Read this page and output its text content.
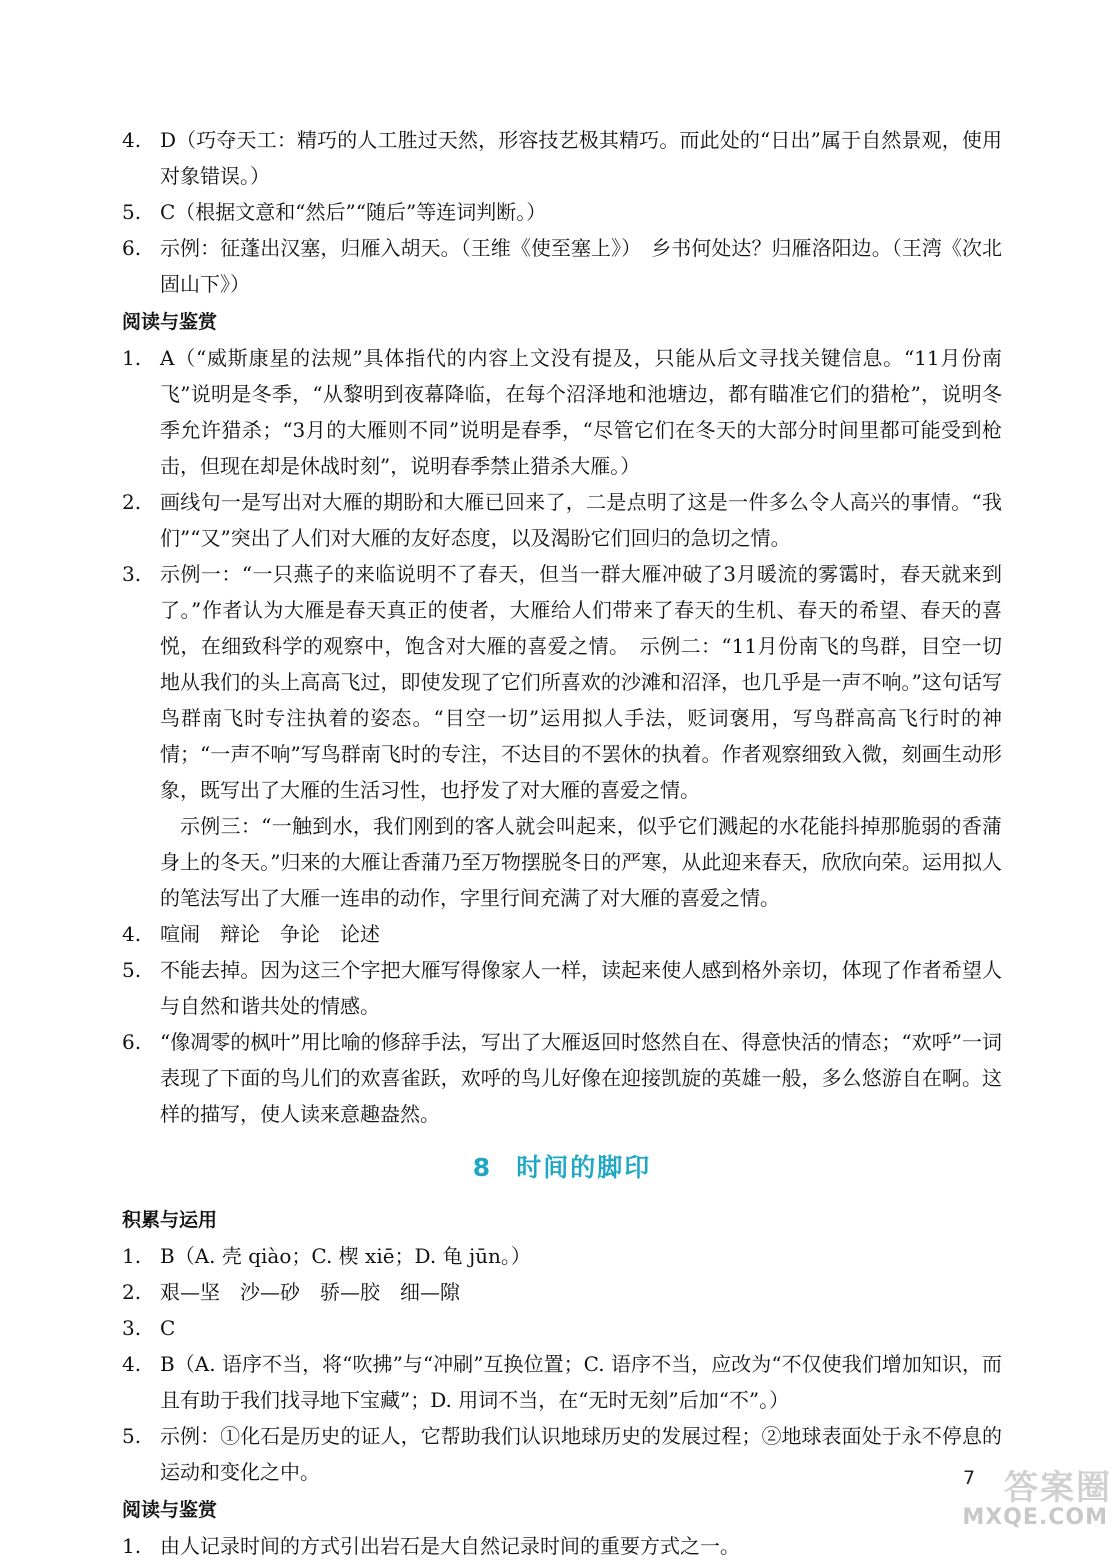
4. D（巧夺天工：精巧的人工胜过天然，形容技艺极其精巧。而此处的“日出”属于自然景观，使用对象错误。）
5. C（根据文意和“然后”“随后”等连词判断。）
6. 示例：征蓬出汉塞，归雁入胡天。（王维《使至塞上》）　乡书何处达？归雁洛阳边。（王湾《次北固山下》）
阅读与鉴赏
1. A（“威斯康星的法规”具体指代的内容上文没有提及，只能从后文寻找关键信息。“11月份南飞”说明是冬季，“从黎明到夜幕降临，在每个沼泽地和池塘边，都有瞄准它们的猎枪”，说明冬季允许猎杀；“3月的大雁则不同”说明是春季，“尽管它们在冬天的大部分时间里都可能受到枪击，但现在却是休战时刻”，说明春季禁止猎杀大雁。）
2. 画线句一是写出对大雁的期盼和大雁已回来了，二是点明了这是一件多么令人高兴的事情。“我们”“又”突出了人们对大雁的友好态度，以及渴盼它们回归的急切之情。
3. 示例一：“一只燕子的来临说明不了春天，但当一群大雁冲破了3月暖流的雾霭时，春天就来到了。”作者认为大雁是春天真正的使者，大雁给人们带来了春天的生机、春天的希望、春天的喜悦，在细致科学的观察中，饱含对大雁的喜爱之情。　示例二：“11月份南飞的鸟群，目空一切地从我们的头上高高飞过，即使发现了它们所喜欢的沙滩和沼泽，也几乎是一声不响。”这句话写鸟群南飞时专注执着的姿态。“目空一切”运用拟人手法，贬词褒用，写鸟群高高飞行时的神情；“一声不响”写鸟群南飞时的专注，不达目的不罢休的执着。作者观察细致入微，刻画生动形象，既写出了大雁的生活习性，也抒发了对大雁的喜爱之情。

示例三：“一触到水，我们刚到的客人就会叫起来，似乎它们溅起的水花能抖掉那脆弱的香蒲身上的冬天。”归来的大雁让香蒲乃至万物摆脱冬日的严寒，从此迎来春天，欣欣向荣。运用拟人的笔法写出了大雁一连串的动作，字里行间充满了对大雁的喜爱之情。

4. 喧闹　辩论　争论　论述
5. 不能去掉。因为这三个字把大雁写得像家人一样，读起来使人感到格外亲切，体现了作者希望人与自然和谐共处的情感。
6. “像凋零的枫叶”用比喻的修辞手法，写出了大雁返回时悠然自在、得意快活的情态；“欢呼”一词表现了下面的鸟儿们的欢喜雀跃，欢呼的鸟儿好像在迎接凯旋的英雄一般，多么悠游自在啊。这样的描写，使人读来意趣盎然。
8 时间的脚印
积累与运用
1. B（A. 壳 qiào；C. 楔 xiē；D. 龟 jūn。）
2. 艰—坚　沙—砂　骄—胶　细—隙
3. C
4. B（A. 语序不当，将“吹拂”与“冲刷”互换位置；C. 语序不当，应改为“不仅使我们增加知识，而且有助于我们找寻地下宝藏”；D. 用词不当，在“无时无刻”后加“不”。）
5. 示例：①化石是历史的证人，它帮助我们认识地球历史的发展过程；②地球表面处于永不停息的运动和变化之中。
阅读与鉴赏
1. 由人记录时间的方式引出岩石是大自然记录时间的重要方式之一。
7 答案圈
MXQE.COM
